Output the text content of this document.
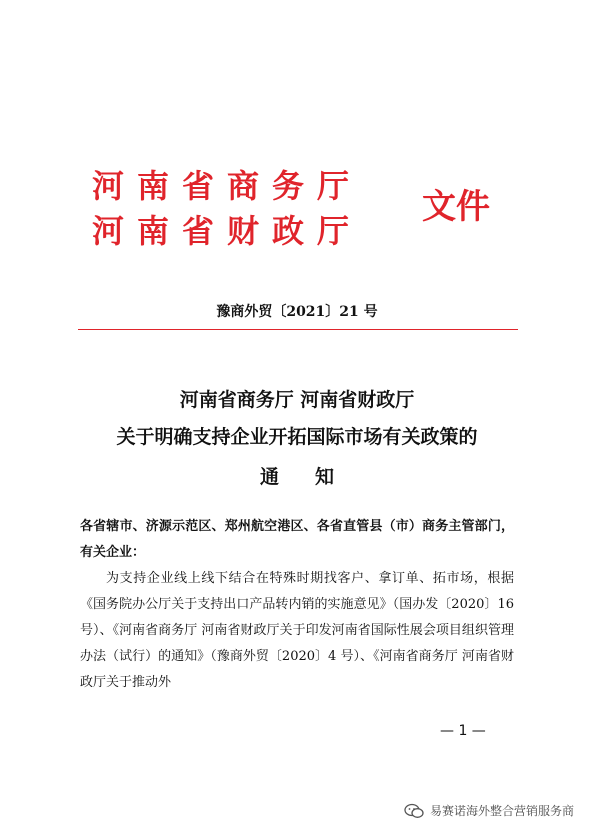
河南省商务厅
河南省财政厅
文件
豫商外贸〔2021〕21 号
河南省商务厅 河南省财政厅
关于明确支持企业开拓国际市场有关政策的
通知

各省辖市、济源示范区、郑州航空港区、各省直管县（市）商务主管部门，有关企业：

为支持企业线上线下结合在特殊时期找客户、拿订单、拓市场，根据《国务院办公厅关于支持出口产品转内销的实施意见》（国办发〔2020〕16 号）、《河南省商务厅 河南省财政厅关于印发河南省国际性展会项目组织管理办法（试行）的通知》（豫商外贸〔2020〕4 号）、《河南省商务厅 河南省财政厅关于推动外

— 1 —
易赛诺海外整合营销服务商
